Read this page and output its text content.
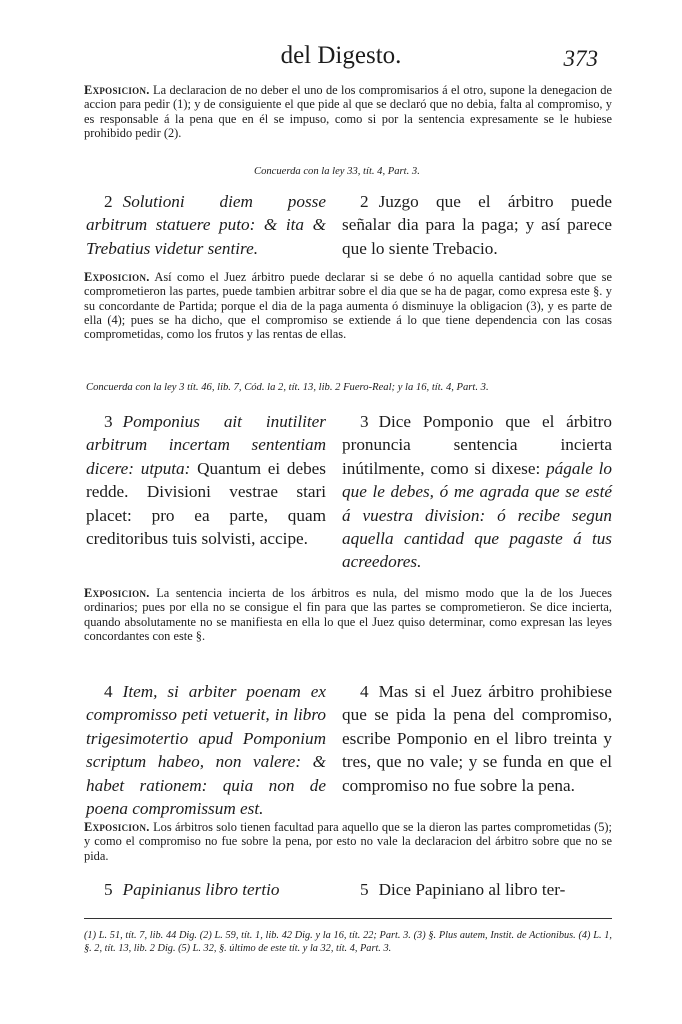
del Digesto.	373
Exposicion. La declaracion de no deber el uno de los compromisarios á el otro, supone la denegacion de accion para pedir (1); y de consiguiente el que pide al que se declaró que no debia, falta al compromiso, y es responsable á la pena que en él se impuso, como si por la sentencia expresamente se le hubiese prohibido pedir (2).
Concuerda con la ley 33, tít. 4, Part. 3.
2 Solutioni diem posse arbitrum statuere puto: & ita & Trebatius videtur sentire.
2 Juzgo que el árbitro puede señalar dia para la paga; y así parece que lo siente Trebacio.
Exposicion. Así como el Juez árbitro puede declarar si se debe ó no aquella cantidad sobre que se comprometieron las partes, puede tambien arbitrar sobre el dia que se ha de pagar, como expresa este §. y su concordante de Partida; porque el dia de la paga aumenta ó disminuye la obligacion (3), y es parte de ella (4); pues se ha dicho, que el compromiso se extiende á lo que tiene dependencia con las cosas comprometidas, como los frutos y las rentas de ellas.
Concuerda con la ley 3 tít. 46, lib. 7, Cód. la 2, tít. 13, lib. 2 Fuero-Real; y la 16, tít. 4, Part. 3.
3 Pomponius ait inutiliter arbitrum incertam sententiam dicere: utputa: Quantum ei debes redde. Divisioni vestrae stari placet: pro ea parte, quam creditoribus tuis solvisti, accipe.
3 Dice Pomponio que el árbitro pronuncia sentencia incierta inútilmente, como si dixese: págale lo que le debes, ó me agrada que se esté á vuestra division: ó recibe segun aquella cantidad que pagaste á tus acreedores.
Exposicion. La sentencia incierta de los árbitros es nula, del mismo modo que la de los Jueces ordinarios; pues por ella no se consigue el fin para que las partes se comprometieron. Se dice incierta, quando absolutamente no se manifiesta en ella lo que el Juez quiso determinar, como expresan las leyes concordantes con este §.
4 Item, si arbiter poenam ex compromisso peti vetuerit, in libro trigesimotertio apud Pomponium scriptum habeo, non valere: & habet rationem: quia non de poena compromissum est.
4 Mas si el Juez árbitro prohibiese que se pida la pena del compromiso, escribe Pomponio en el libro treinta y tres, que no vale; y se funda en que el compromiso no fue sobre la pena.
Exposicion. Los árbitros solo tienen facultad para aquello que se la dieron las partes comprometidas (5); y como el compromiso no fue sobre la pena, por esto no vale la declaracion del árbitro sobre que no se pida.
5 Papinianus libro tertio	5 Dice Papiniano al libro ter-
(1) L. 51, tít. 7, lib. 44 Dig. (2) L. 59, tít. 1, lib. 42 Dig. y la 16, tít. 22; Part. 3. (3) §. Plus autem, Instit. de Actionibus. (4) L. 1, §. 2, tít. 13, lib. 2 Dig. (5) L. 32, §. último de este tít. y la 32, tít. 4, Part. 3.
